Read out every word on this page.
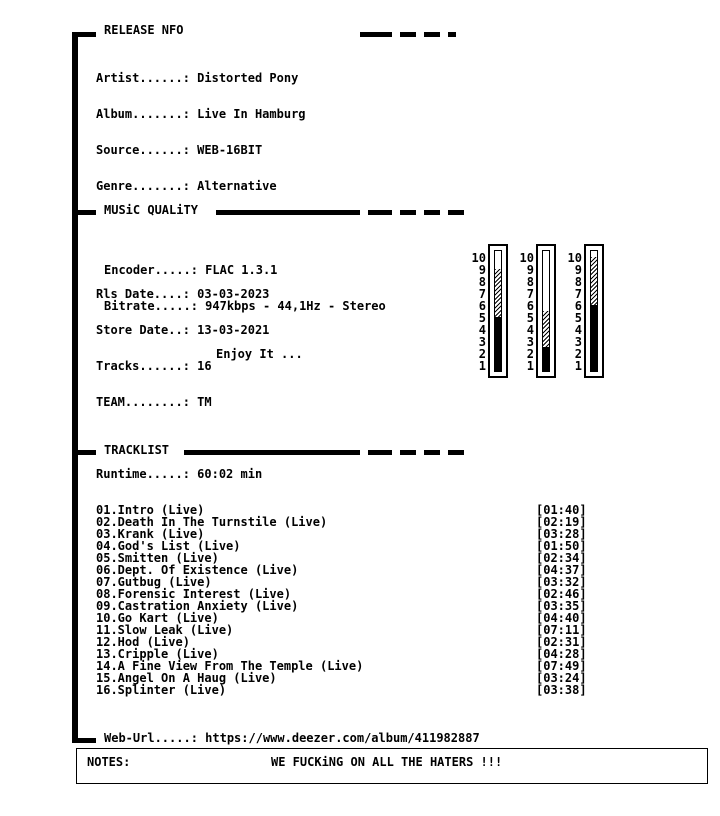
RELEASE NFO

Artist......: Distorted Pony

Album.......: Live In Hamburg

Source......: WEB-16BIT

Genre.......: Alternative

Rls Date....: 03-03-2023

Store Date..: 13-03-2021

Tracks......: 16

TEAM........: TM

Runtime.....: 60:02 min

MUSiC QUALiTY
Encoder.....: FLAC 1.3.1
Bitrate.....: 947kbps - 44,1Hz - Stereo
Enjoy It ...
10
9
8
7
6
5
4
3
2
1
10
9
8
7
6
5
4
3
2
1
10
9
8
7
6
5
4
3
2
1
TRACKLIST
01.Intro (Live)	[01:40]
02.Death In The Turnstile (Live)	[02:19]
03.Krank (Live)	[03:28]
04.God's List (Live)	[01:50]
05.Smitten (Live)	[02:34]
06.Dept. Of Existence (Live)	[04:37]
07.Gutbug (Live)	[03:32]
08.Forensic Interest (Live)	[02:46]
09.Castration Anxiety (Live)	[03:35]
10.Go Kart (Live)	[04:40]
11.Slow Leak (Live)	[07:11]
12.Hod (Live)	[02:31]
13.Cripple (Live)	[04:28]
14.A Fine View From The Temple (Live)	[07:49]
15.Angel On A Haug (Live)	[03:24]
16.Splinter (Live)	[03:38]
Web-Url.....: https://www.deezer.com/album/411982887
NOTES:	WE FUCKiNG ON ALL THE HATERS !!!
